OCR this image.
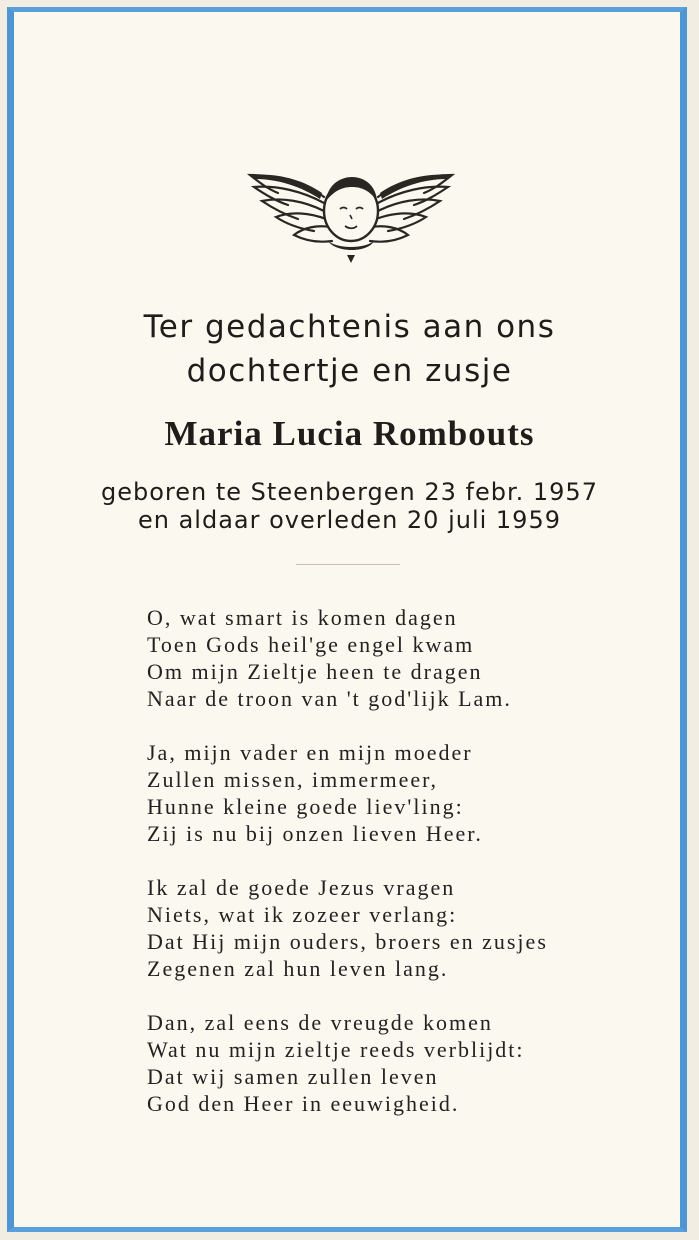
Ter gedachtenis aan ons
dochtertje en zusje
Maria Lucia Rombouts
geboren te Steenbergen 23 febr. 1957
en aldaar overleden 20 juli 1959
O, wat smart is komen dagen
Toen Gods heil'ge engel kwam
Om mijn Zieltje heen te dragen
Naar de troon van 't god'lijk Lam.
Ja, mijn vader en mijn moeder
Zullen missen, immermeer,
Hunne kleine goede liev'ling:
Zij is nu bij onzen lieven Heer.
Ik zal de goede Jezus vragen
Niets, wat ik zozeer verlang:
Dat Hij mijn ouders, broers en zusjes
Zegenen zal hun leven lang.
Dan, zal eens de vreugde komen
Wat nu mijn zieltje reeds verblijdt:
Dat wij samen zullen leven
God den Heer in eeuwigheid.
